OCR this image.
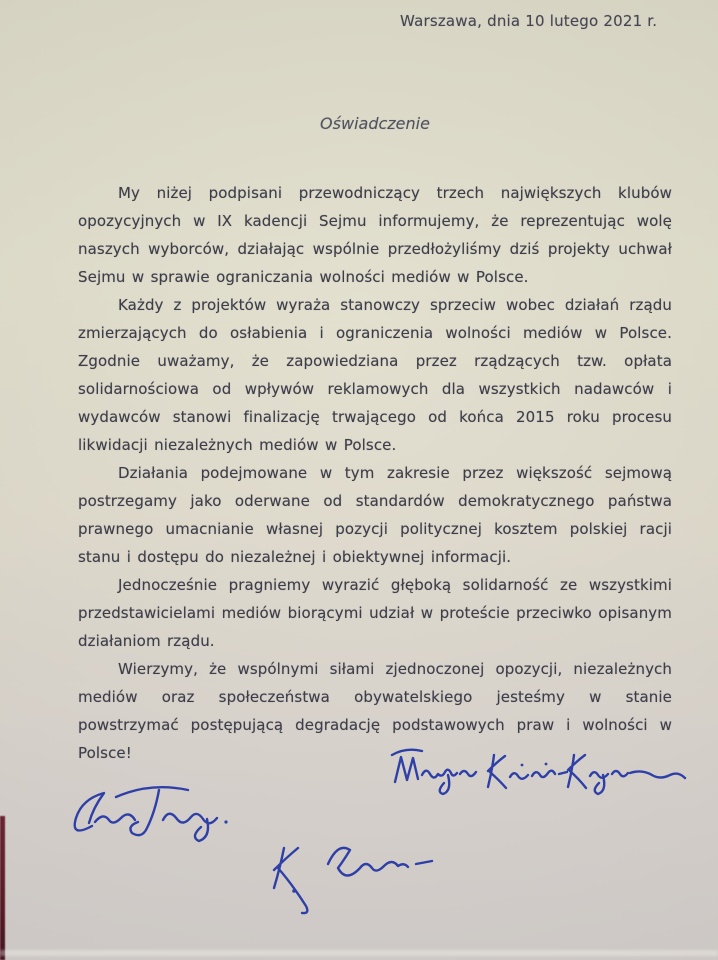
Warszawa, dnia 10 lutego 2021 r.
Oświadczenie

My niżej podpisani przewodniczący trzech największych klubów opozycyjnych w IX kadencji Sejmu informujemy, że reprezentując wolę naszych wyborców, działając wspólnie przedłożyliśmy dziś projekty uchwał Sejmu w sprawie ograniczania wolności mediów w Polsce.

Każdy z projektów wyraża stanowczy sprzeciw wobec działań rządu zmierzających do osłabienia i ograniczenia wolności mediów w Polsce. Zgodnie uważamy, że zapowiedziana przez rządzących tzw. opłata solidarnościowa od wpływów reklamowych dla wszystkich nadawców i wydawców stanowi finalizację trwającego od końca 2015 roku procesu likwidacji niezależnych mediów w Polsce.

Działania podejmowane w tym zakresie przez większość sejmową postrzegamy jako oderwane od standardów demokratycznego państwa prawnego umacnianie własnej pozycji politycznej kosztem polskiej racji stanu i dostępu do niezależnej i obiektywnej informacji.

Jednocześnie pragniemy wyrazić głęboką solidarność ze wszystkimi przedstawicielami mediów biorącymi udział w proteście przeciwko opisanym działaniom rządu.

Wierzymy, że wspólnymi siłami zjednoczonej opozycji, niezależnych mediów oraz społeczeństwa obywatelskiego jesteśmy w stanie powstrzymać postępującą degradację podstawowych praw i wolności w Polsce!
